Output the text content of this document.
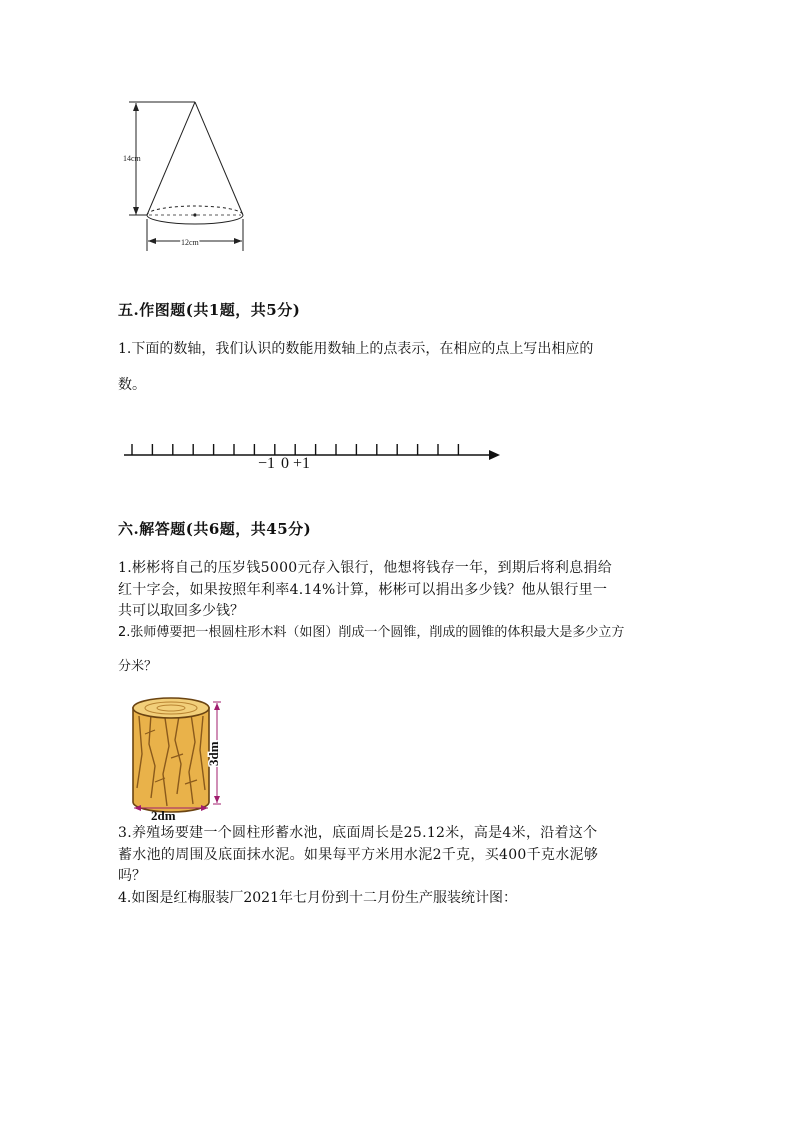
14cm
12cm
五.作图题(共1题，共5分)
1.下面的数轴，我们认识的数能用数轴上的点表示，在相应的点上写出相应的
数。
−1 0 +1
六.解答题(共6题，共45分)
1.彬彬将自己的压岁钱5000元存入银行，他想将钱存一年，到期后将利息捐给
红十字会，如果按照年利率4.14%计算，彬彬可以捐出多少钱？他从银行里一
共可以取回多少钱？
2.张师傅要把一根圆柱形木料（如图）削成一个圆锥，削成的圆锥的体积最大是多少立方
分米？
3dm
2dm
3.养殖场要建一个圆柱形蓄水池，底面周长是25.12米，高是4米，沿着这个
蓄水池的周围及底面抹水泥。如果每平方米用水泥2千克，买400千克水泥够
吗？
4.如图是红梅服装厂2021年七月份到十二月份生产服装统计图：
